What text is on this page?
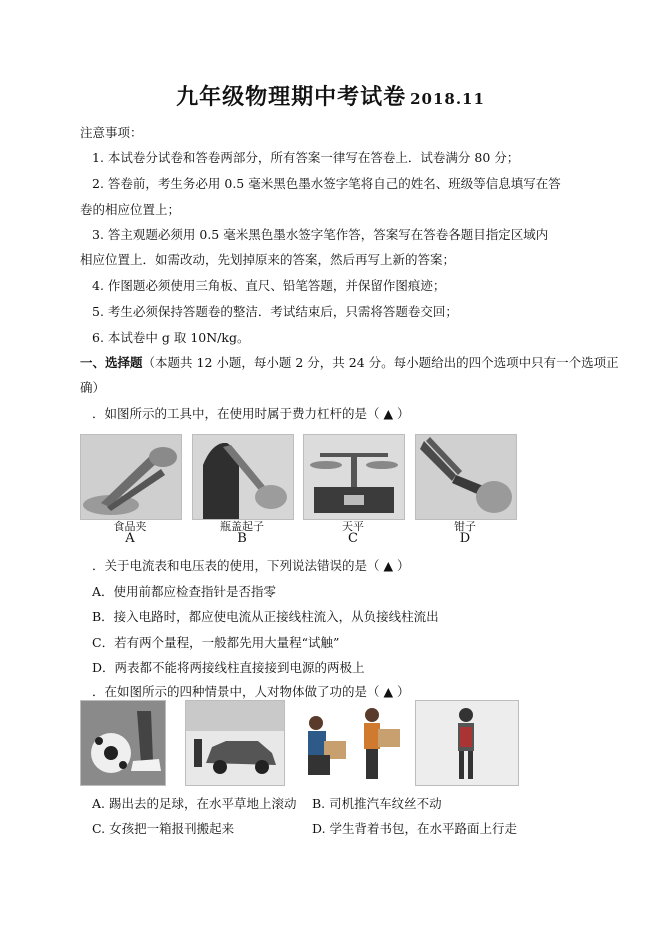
九年级物理期中考试卷 2018.11
注意事项：
1. 本试卷分试卷和答卷两部分，所有答案一律写在答卷上．试卷满分 80 分；
2. 答卷前，考生务必用 0.5 毫米黑色墨水签字笔将自己的姓名、班级等信息填写在答
卷的相应位置上；
3. 答主观题必须用 0.5 毫米黑色墨水签字笔作答，答案写在答卷各题目指定区域内
相应位置上．如需改动，先划掉原来的答案，然后再写上新的答案；
4. 作图题必须使用三角板、直尺、铅笔答题，并保留作图痕迹；
5. 考生必须保持答题卷的整洁．考试结束后，只需将答题卷交回；
6. 本试卷中 g 取 10N/kg。
一、选择题（本题共 12 小题，每小题 2 分，共 24 分。每小题给出的四个选项中只有一个选项正
确）
．如图所示的工具中，在使用时属于费力杠杆的是（ ▲ ）
食品夹	瓶盖起子	天平	钳子
A	B	C	D
．关于电流表和电压表的使用，下列说法错误的是（ ▲ ）
A．使用前都应检查指针是否指零
B．接入电路时，都应使电流从正接线柱流入，从负接线柱流出
C．若有两个量程，一般都先用大量程“试触”
D．两表都不能将两接线柱直接接到电源的两极上
．在如图所示的四种情景中，人对物体做了功的是（ ▲ ）
A. 踢出去的足球，在水平草地上滚动 B. 司机推汽车纹丝不动
C. 女孩把一箱报刊搬起来	D. 学生背着书包，在水平路面上行走
